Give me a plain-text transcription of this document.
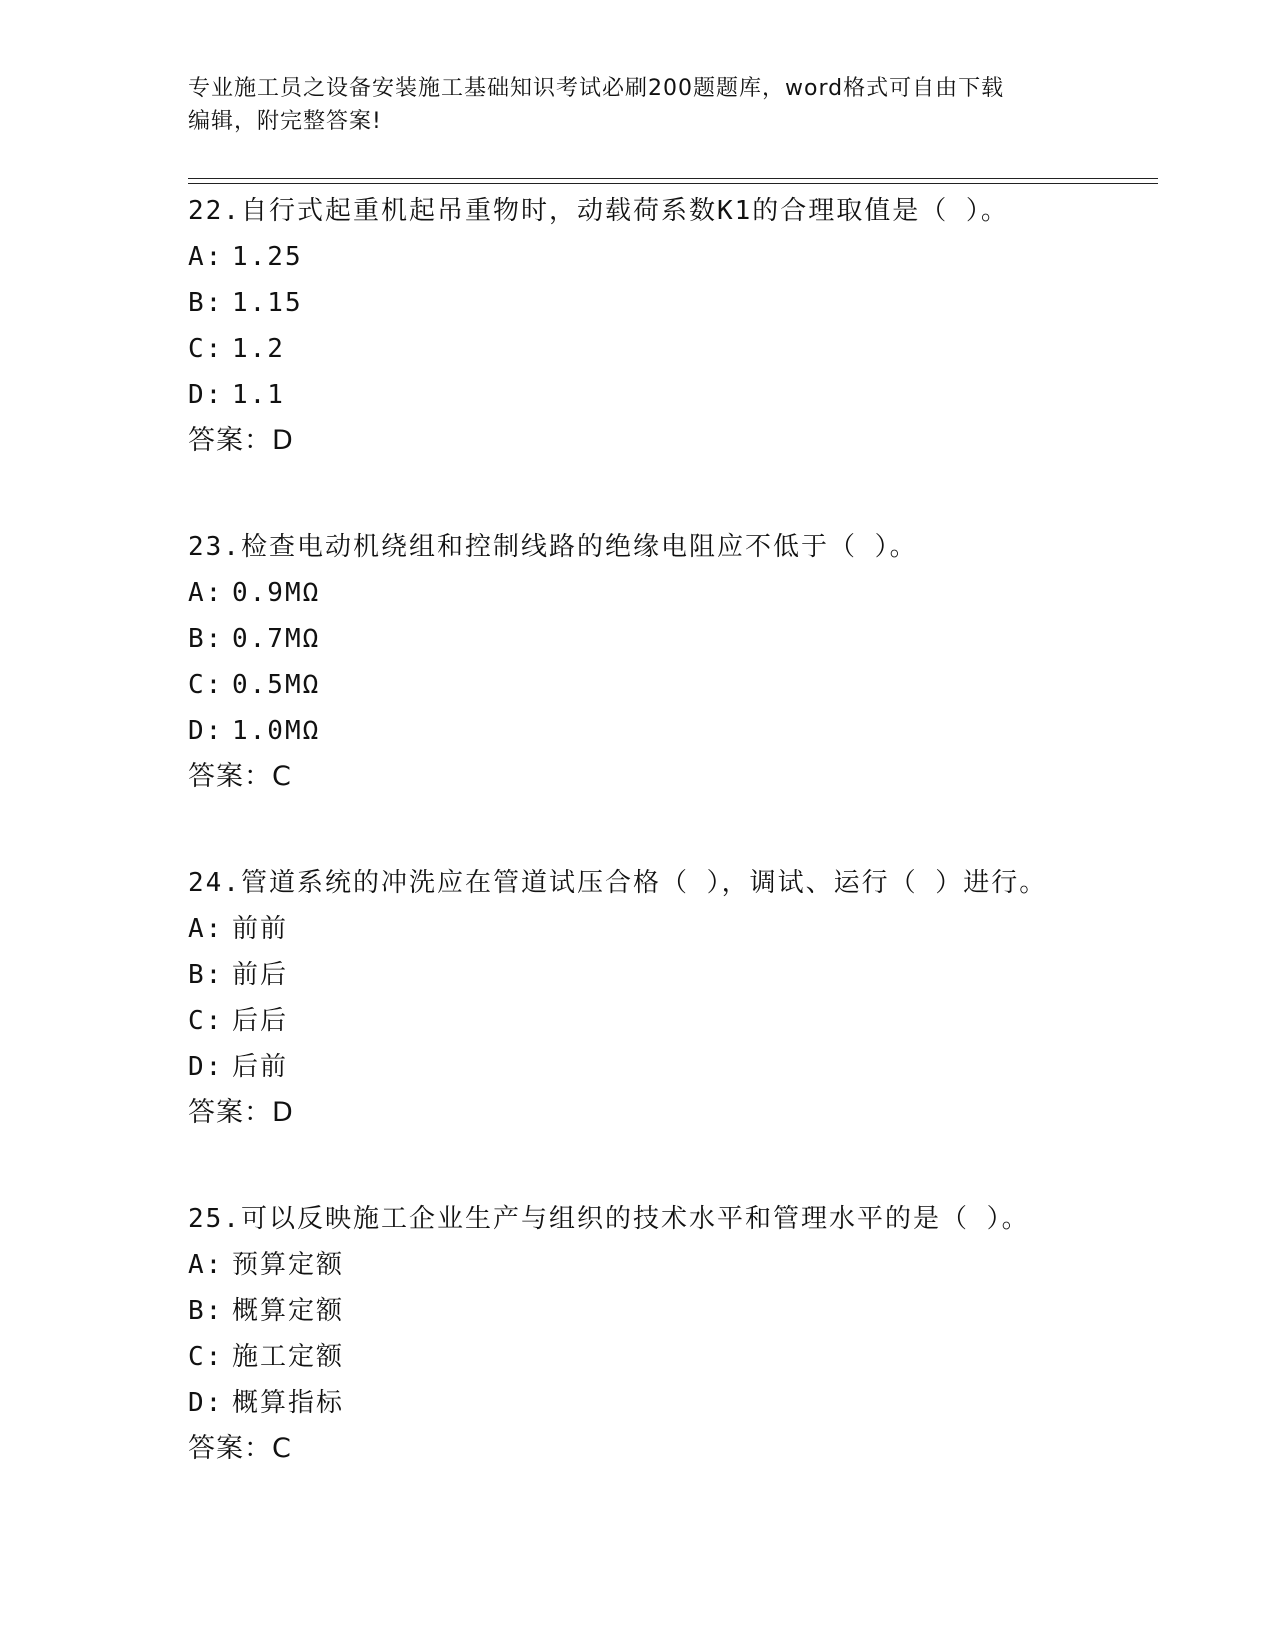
专业施工员之设备安装施工基础知识考试必刷200题题库，word格式可自由下载
编辑，附完整答案!
22.自行式起重机起吊重物时，动载荷系数K1的合理取值是（ ）。
A: 1.25
B: 1.15
C: 1.2
D: 1.1
答案：D
23.检查电动机绕组和控制线路的绝缘电阻应不低于（ ）。
A: 0.9MΩ
B: 0.7MΩ
C: 0.5MΩ
D: 1.0MΩ
答案：C
24.管道系统的冲洗应在管道试压合格（ ），调试、运行（ ）进行。
A: 前前
B: 前后
C: 后后
D: 后前
答案：D
25.可以反映施工企业生产与组织的技术水平和管理水平的是（ ）。
A: 预算定额
B: 概算定额
C: 施工定额
D: 概算指标
答案：C
